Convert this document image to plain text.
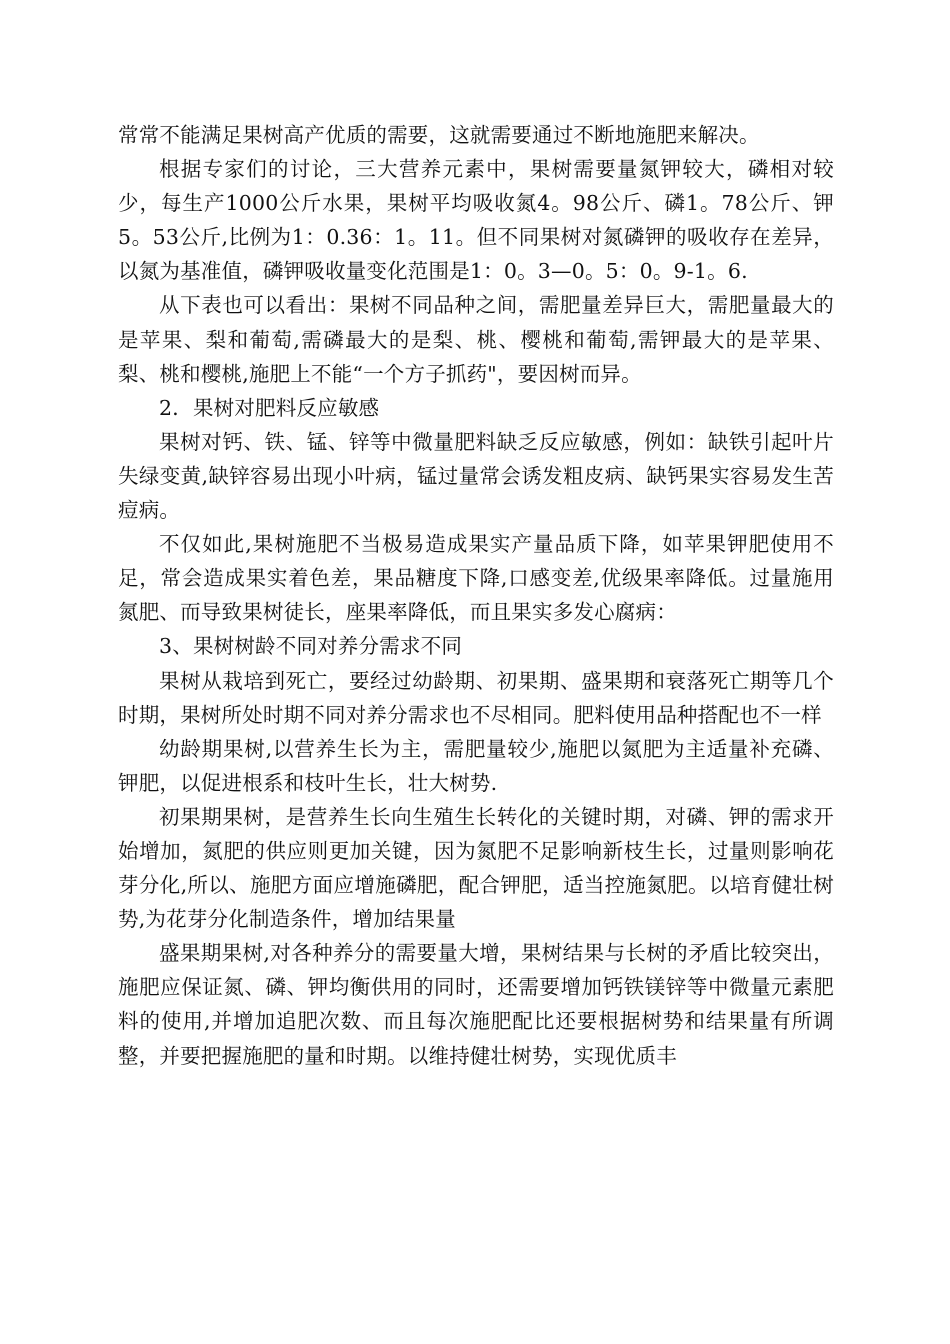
常常不能满足果树高产优质的需要，这就需要通过不断地施肥来解决。

根据专家们的讨论，三大营养元素中，果树需要量氮钾较大，磷相对较少，每生产1000公斤水果，果树平均吸收氮4。98公斤、磷1。78公斤、钾5。53公斤,比例为1：0.36：1。11。但不同果树对氮磷钾的吸收存在差异，以氮为基准值，磷钾吸收量变化范围是1：0。3—0。5：0。9-1。6.

从下表也可以看出：果树不同品种之间，需肥量差异巨大，需肥量最大的是苹果、梨和葡萄,需磷最大的是梨、桃、樱桃和葡萄,需钾最大的是苹果、梨、桃和樱桃,施肥上不能“一个方子抓药"，要因树而异。

2．果树对肥料反应敏感

果树对钙、铁、锰、锌等中微量肥料缺乏反应敏感，例如：缺铁引起叶片失绿变黄,缺锌容易出现小叶病，锰过量常会诱发粗皮病、缺钙果实容易发生苦痘病。

不仅如此,果树施肥不当极易造成果实产量品质下降，如苹果钾肥使用不足，常会造成果实着色差，果品糖度下降,口感变差,优级果率降低。过量施用氮肥、而导致果树徒长，座果率降低，而且果实多发心腐病：

3、果树树龄不同对养分需求不同

果树从栽培到死亡，要经过幼龄期、初果期、盛果期和衰落死亡期等几个时期，果树所处时期不同对养分需求也不尽相同。肥料使用品种搭配也不一样

幼龄期果树,以营养生长为主，需肥量较少,施肥以氮肥为主适量补充磷、钾肥，以促进根系和枝叶生长，壮大树势.

初果期果树，是营养生长向生殖生长转化的关键时期，对磷、钾的需求开始增加，氮肥的供应则更加关键，因为氮肥不足影响新枝生长，过量则影响花芽分化,所以、施肥方面应增施磷肥，配合钾肥，适当控施氮肥。以培育健壮树势,为花芽分化制造条件，增加结果量

盛果期果树,对各种养分的需要量大增，果树结果与长树的矛盾比较突出，施肥应保证氮、磷、钾均衡供用的同时，还需要增加钙铁镁锌等中微量元素肥料的使用,并增加追肥次数、而且每次施肥配比还要根据树势和结果量有所调整，并要把握施肥的量和时期。以维持健壮树势，实现优质丰
